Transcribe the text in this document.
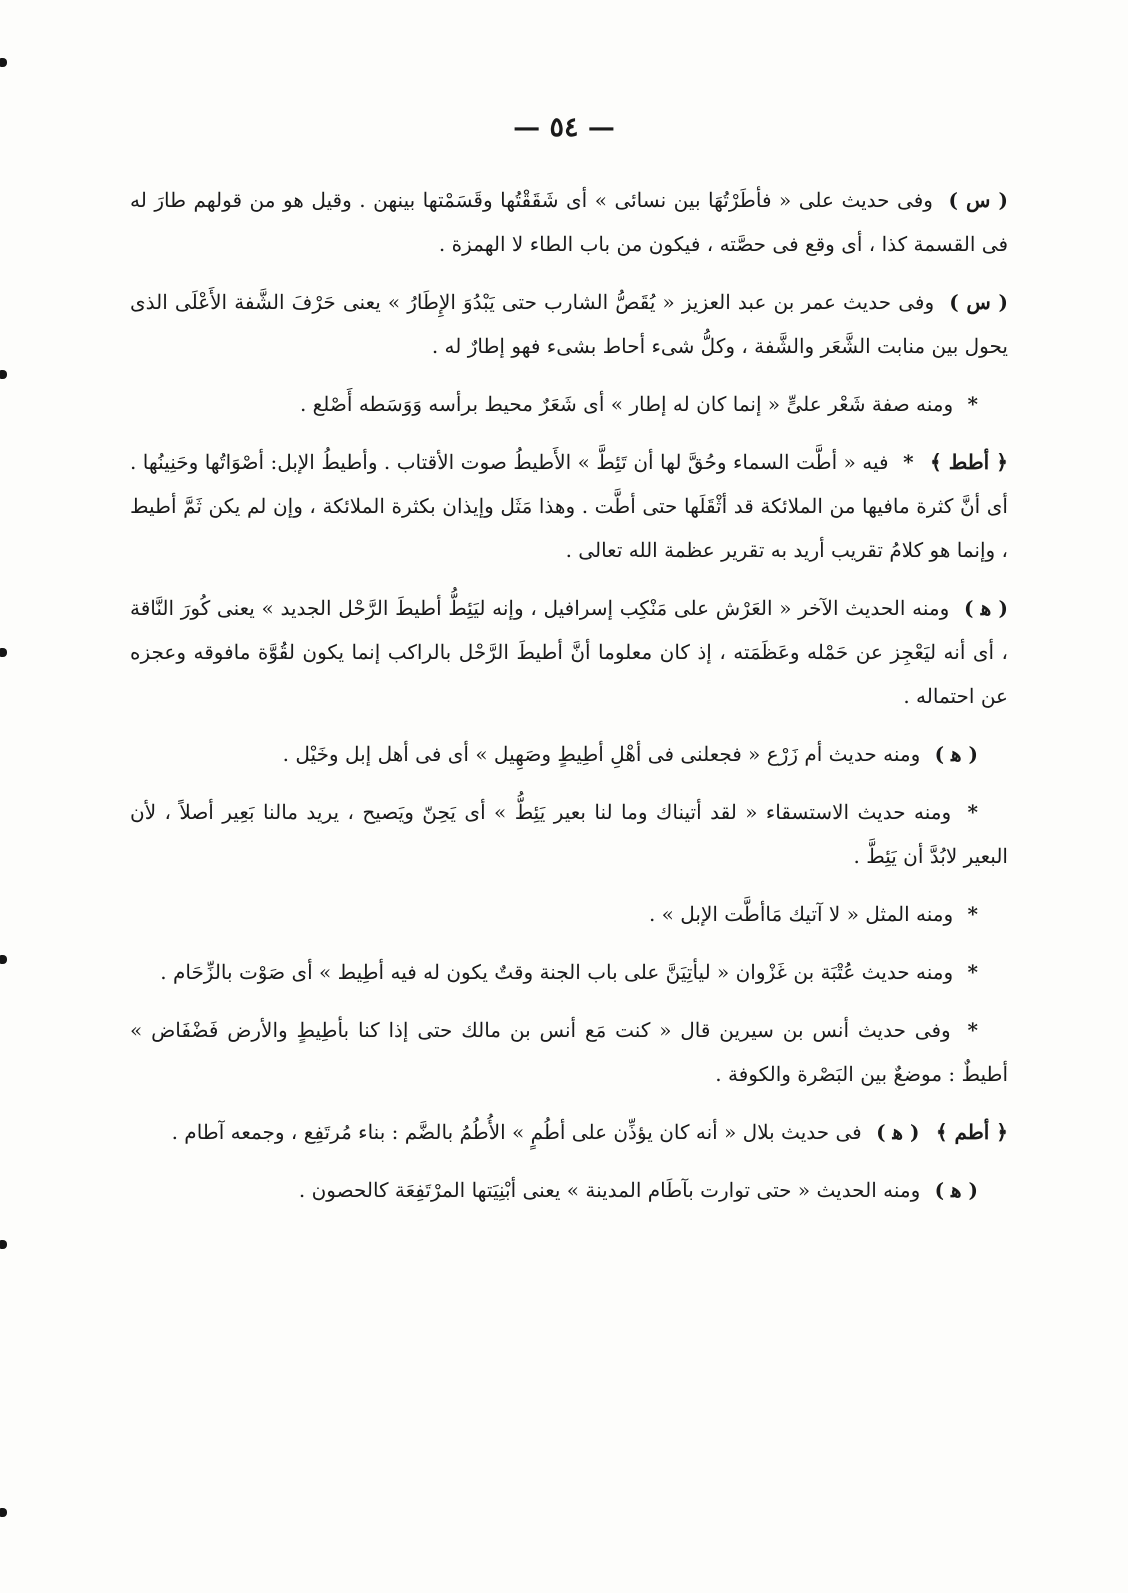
— ٥٤ —

( س ) وفى حديث على « فأطَرْتُهَا بين نسائى » أى شَقَقْتُها وقَسَمْتها بينهن . وقيل هو من قولهم طارَ له فى القسمة كذا ، أى وقع فى حصَّته ، فيكون من باب الطاء لا الهمزة .

( س ) وفى حديث عمر بن عبد العزيز « يُقَصُّ الشارب حتى يَبْدُوَ الإِطَارُ » يعنى حَرْفَ الشَّفة الأَعْلَى الذى يحول بين منابت الشَّعَر والشَّفة ، وكلُّ شىء أحاط بشىء فهو إطارٌ له .

* ومنه صفة شَعْر علىٍّ « إنما كان له إطار » أى شَعَرٌ محيط برأسه وَوَسَطه أَصْلع .

﴿ أطط ﴾ * فيه « أطَّت السماء وحُقَّ لها أن تَئِطَّ » الأَطيطُ صوت الأقتاب . وأطيطُ الإبل: أصْوَاتُها وحَنِينُها . أى أنَّ كثرة مافيها من الملائكة قد أثْقَلَها حتى أطَّت . وهذا مَثَل وإيذان بكثرة الملائكة ، وإن لم يكن ثَمَّ أطيط ، وإنما هو كلامُ تقريب أريد به تقرير عظمة الله تعالى .

( ﻫ ) ومنه الحديث الآخر « العَرْش على مَنْكِب إسرافيل ، وإنه ليَئِطُّ أطيطَ الرَّحْل الجديد » يعنى كُورَ النَّاقة ، أى أنه ليَعْجِز عن حَمْله وعَظَمَته ، إذ كان معلوما أنَّ أطيطَ الرَّحْل بالراكب إنما يكون لقُوَّة مافوقه وعجزه عن احتماله .

( ﻫ ) ومنه حديث أم زَرْع « فجعلنى فى أهْلِ أطِيطٍ وصَهِيل » أى فى أهل إبل وخَيْل .

* ومنه حديث الاستسقاء « لقد أتيناك وما لنا بعير يَئِطُّ » أى يَحِنّ ويَصيح ، يريد مالنا بَعِير أصلاً ، لأن البعير لابُدَّ أن يَئِطَّ .

* ومنه المثل « لا آتيك مَاأطَّت الإبل » .

* ومنه حديث عُتْبَة بن غَزْوان « ليأتِيَنَّ على باب الجنة وقتٌ يكون له فيه أطِيط » أى صَوْت بالزِّحَام .

* وفى حديث أنس بن سيرين قال « كنت مَع أنس بن مالك حتى إذا كنا بأطِيطٍ والأرض فَضْفَاض » أطيطٌ : موضعٌ بين البَصْرة والكوفة .

﴿ أطم ﴾ ( ﻫ ) فى حديث بلال « أنه كان يؤذِّن على أطُمٍ » الأُطُمُ بالضَّم : بناء مُرتَفِع ، وجمعه آطام .

( ﻫ ) ومنه الحديث « حتى توارت بآطَام المدينة » يعنى أبْنِيَتها المرْتَفِعَة كالحصون .
